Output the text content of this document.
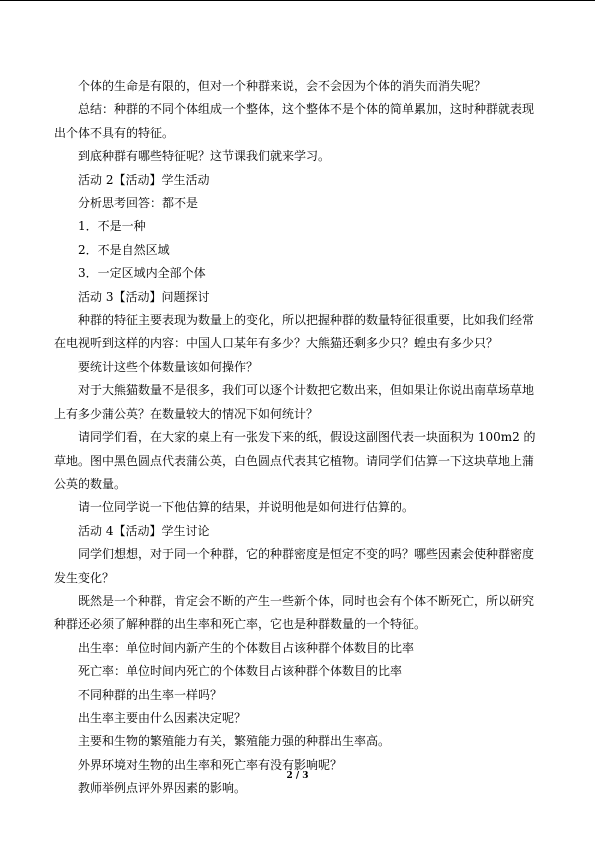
个体的生命是有限的，但对一个种群来说，会不会因为个体的消失而消失呢？

总结：种群的不同个体组成一个整体，这个整体不是个体的简单累加，这时种群就表现出个体不具有的特征。

到底种群有哪些特征呢？这节课我们就来学习。

活动 2【活动】学生活动

分析思考回答：都不是

1．不是一种

2．不是自然区域

3．一定区域内全部个体

活动 3【活动】问题探讨

种群的特征主要表现为数量上的变化，所以把握种群的数量特征很重要，比如我们经常在电视听到这样的内容：中国人口某年有多少？大熊猫还剩多少只？蝗虫有多少只？

要统计这些个体数量该如何操作？

对于大熊猫数量不是很多，我们可以逐个计数把它数出来，但如果让你说出南草场草地上有多少蒲公英？在数量较大的情况下如何统计？

请同学们看，在大家的桌上有一张发下来的纸，假设这副图代表一块面积为 100m2 的草地。图中黑色圆点代表蒲公英，白色圆点代表其它植物。请同学们估算一下这块草地上蒲公英的数量。

请一位同学说一下他估算的结果，并说明他是如何进行估算的。

活动 4【活动】学生讨论

同学们想想，对于同一个种群，它的种群密度是恒定不变的吗？哪些因素会使种群密度发生变化？

既然是一个种群，肯定会不断的产生一些新个体，同时也会有个体不断死亡，所以研究种群还必须了解种群的出生率和死亡率，它也是种群数量的一个特征。

出生率：单位时间内新产生的个体数目占该种群个体数目的比率

死亡率：单位时间内死亡的个体数目占该种群个体数目的比率

不同种群的出生率一样吗？

出生率主要由什么因素决定呢？

主要和生物的繁殖能力有关，繁殖能力强的种群出生率高。

外界环境对生物的出生率和死亡率有没有影响呢？

教师举例点评外界因素的影响。

2 / 3
